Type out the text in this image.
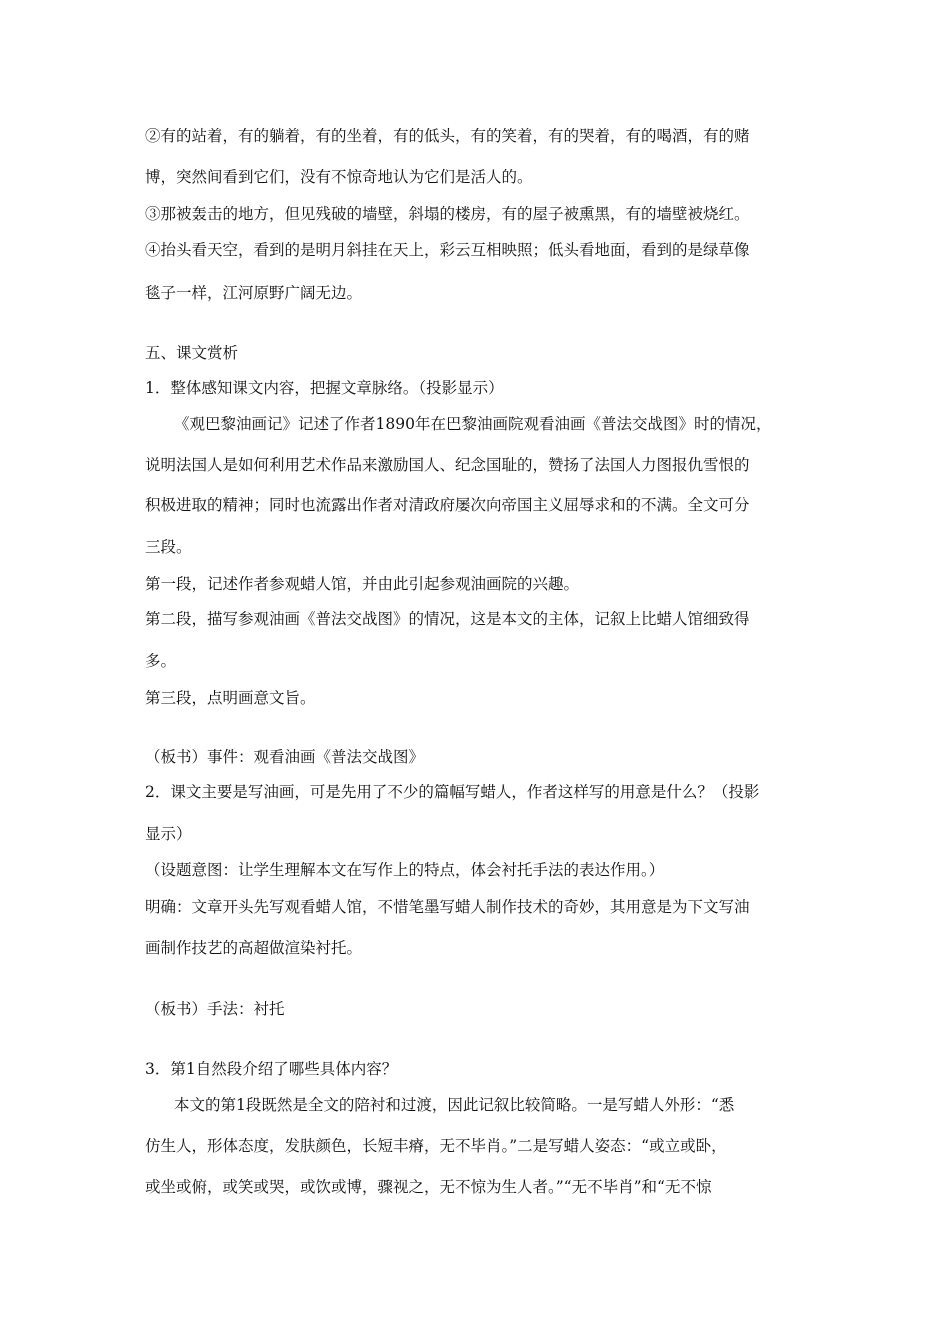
②有的站着，有的躺着，有的坐着，有的低头，有的笑着，有的哭着，有的喝酒，有的赌
博，突然间看到它们，没有不惊奇地认为它们是活人的。
③那被轰击的地方，但见残破的墙壁，斜塌的楼房，有的屋子被熏黑，有的墙壁被烧红。
④抬头看天空，看到的是明月斜挂在天上，彩云互相映照；低头看地面，看到的是绿草像
毯子一样，江河原野广阔无边。
五、课文赏析
1．整体感知课文内容，把握文章脉络。（投影显示）
《观巴黎油画记》记述了作者1890年在巴黎油画院观看油画《普法交战图》时的情况，
说明法国人是如何利用艺术作品来激励国人、纪念国耻的，赞扬了法国人力图报仇雪恨的
积极进取的精神；同时也流露出作者对清政府屡次向帝国主义屈辱求和的不满。全文可分
三段。
第一段，记述作者参观蜡人馆，并由此引起参观油画院的兴趣。
第二段，描写参观油画《普法交战图》的情况，这是本文的主体，记叙上比蜡人馆细致得
多。
第三段，点明画意文旨。
（板书）事件：观看油画《普法交战图》
2．课文主要是写油画，可是先用了不少的篇幅写蜡人，作者这样写的用意是什么？（投影
显示）
（设题意图：让学生理解本文在写作上的特点，体会衬托手法的表达作用。）
明确：文章开头先写观看蜡人馆，不惜笔墨写蜡人制作技术的奇妙，其用意是为下文写油
画制作技艺的高超做渲染衬托。
（板书）手法：衬托
3．第1自然段介绍了哪些具体内容？
本文的第1段既然是全文的陪衬和过渡，因此记叙比较简略。一是写蜡人外形：“悉
仿生人，形体态度，发肤颜色，长短丰瘠，无不毕肖。”二是写蜡人姿态：“或立或卧，
或坐或俯，或笑或哭，或饮或博，骤视之，无不惊为生人者。”“无不毕肖”和“无不惊
